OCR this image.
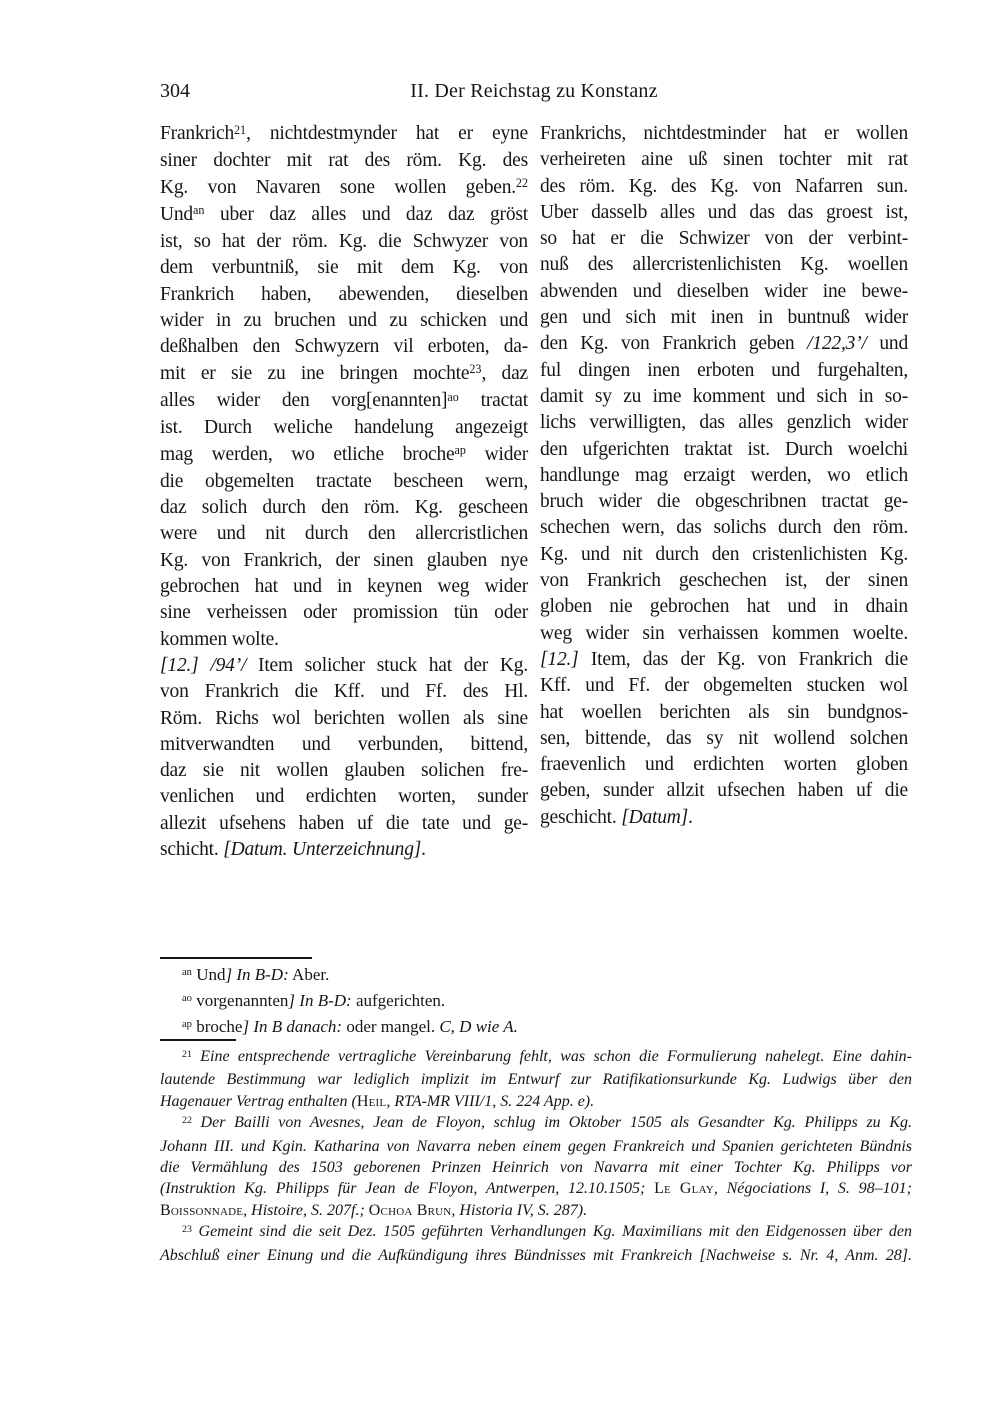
304	II. Der Reichstag zu Konstanz
Frankrich$^{21}$, nichtdestmynder hat er eyne
siner dochter mit rat des röm. Kg. des
Kg. von Navaren sone wollen geben.$^{22}$
Und$^{an}$ uber daz alles und daz daz gröst
ist, so hat der röm. Kg. die Schwyzer von
dem verbuntniß, sie mit dem Kg. von
Frankrich haben, abewenden, dieselben
wider in zu bruchen und zu schicken und
deßhalben den Schwyzern vil erboten, da-
mit er sie zu ine bringen mochte$^{23}$, daz
alles wider den vorg[enannten]$^{ao}$ tractat
ist. Durch weliche handelung angezeigt
mag werden, wo etliche broche$^{ap}$ wider
die obgemelten tractate bescheen wern,
daz solich durch den röm. Kg. gescheen
were und nit durch den allercristlichen
Kg. von Frankrich, der sinen glauben nye
gebrochen hat und in keynen weg wider
sine verheissen oder promission tün oder
kommen wolte.
[12.] /94’/ Item solicher stuck hat der Kg.
von Frankrich die Kff. und Ff. des Hl.
Röm. Richs wol berichten wollen als sine
mitverwandten und verbunden, bittend,
daz sie nit wollen glauben solichen fre-
venlichen und erdichten worten, sunder
allezit ufsehens haben uf die tate und ge-
schicht. [Datum. Unterzeichnung].
Frankrichs, nichtdestminder hat er wollen
verheireten aine uß sinen tochter mit rat
des röm. Kg. des Kg. von Nafarren sun.
Uber dasselb alles und das das groest ist,
so hat er die Schwizer von der verbint-
nuß des allercristenlichisten Kg. woellen
abwenden und dieselben wider ine bewe-
gen und sich mit inen in buntnuß wider
den Kg. von Frankrich geben /122,3’/ und
ful dingen inen erboten und furgehalten,
damit sy zu ime komment und sich in so-
lichs verwilligten, das alles genzlich wider
den ufgerichten traktat ist. Durch woelchi
handlunge mag erzaigt werden, wo etlich
bruch wider die obgeschribnen tractat ge-
schechen wern, das solichs durch den röm.
Kg. und nit durch den cristenlichisten Kg.
von Frankrich geschechen ist, der sinen
globen nie gebrochen hat und in dhain
weg wider sin verhaissen kommen woelte.
[12.] Item, das der Kg. von Frankrich die
Kff. und Ff. der obgemelten stucken wol
hat woellen berichten als sin bundgnos-
sen, bittende, das sy nit wollend solchen
fraevenlich und erdichten worten globen
geben, sunder allzit ufsechen haben uf die
geschicht. [Datum].
$^{an}$ Und] In B-D: Aber.
$^{ao}$ vorgenannten] In B-D: aufgerichten.
$^{ap}$ broche] In B danach: oder mangel. C, D wie A.
$^{21}$ Eine entsprechende vertragliche Vereinbarung fehlt, was schon die Formulierung nahelegt. Eine dahin-
lautende Bestimmung war lediglich implizit im Entwurf zur Ratifikationsurkunde Kg. Ludwigs über den
Hagenauer Vertrag enthalten (Heil, RTA-MR VIII/1, S. 224 App. e).
$^{22}$ Der Bailli von Avesnes, Jean de Floyon, schlug im Oktober 1505 als Gesandter Kg. Philipps zu Kg.
Johann III. und Kgin. Katharina von Navarra neben einem gegen Frankreich und Spanien gerichteten Bündnis
die Vermählung des 1503 geborenen Prinzen Heinrich von Navarra mit einer Tochter Kg. Philipps vor
(Instruktion Kg. Philipps für Jean de Floyon, Antwerpen, 12.10.1505; Le Glay, Négociations I, S. 98–101;
Boissonnade, Histoire, S. 207f.; Ochoa Brun, Historia IV, S. 287).
$^{23}$ Gemeint sind die seit Dez. 1505 geführten Verhandlungen Kg. Maximilians mit den Eidgenossen über den
Abschluß einer Einung und die Aufkündigung ihres Bündnisses mit Frankreich [Nachweise s. Nr. 4, Anm. 28].
